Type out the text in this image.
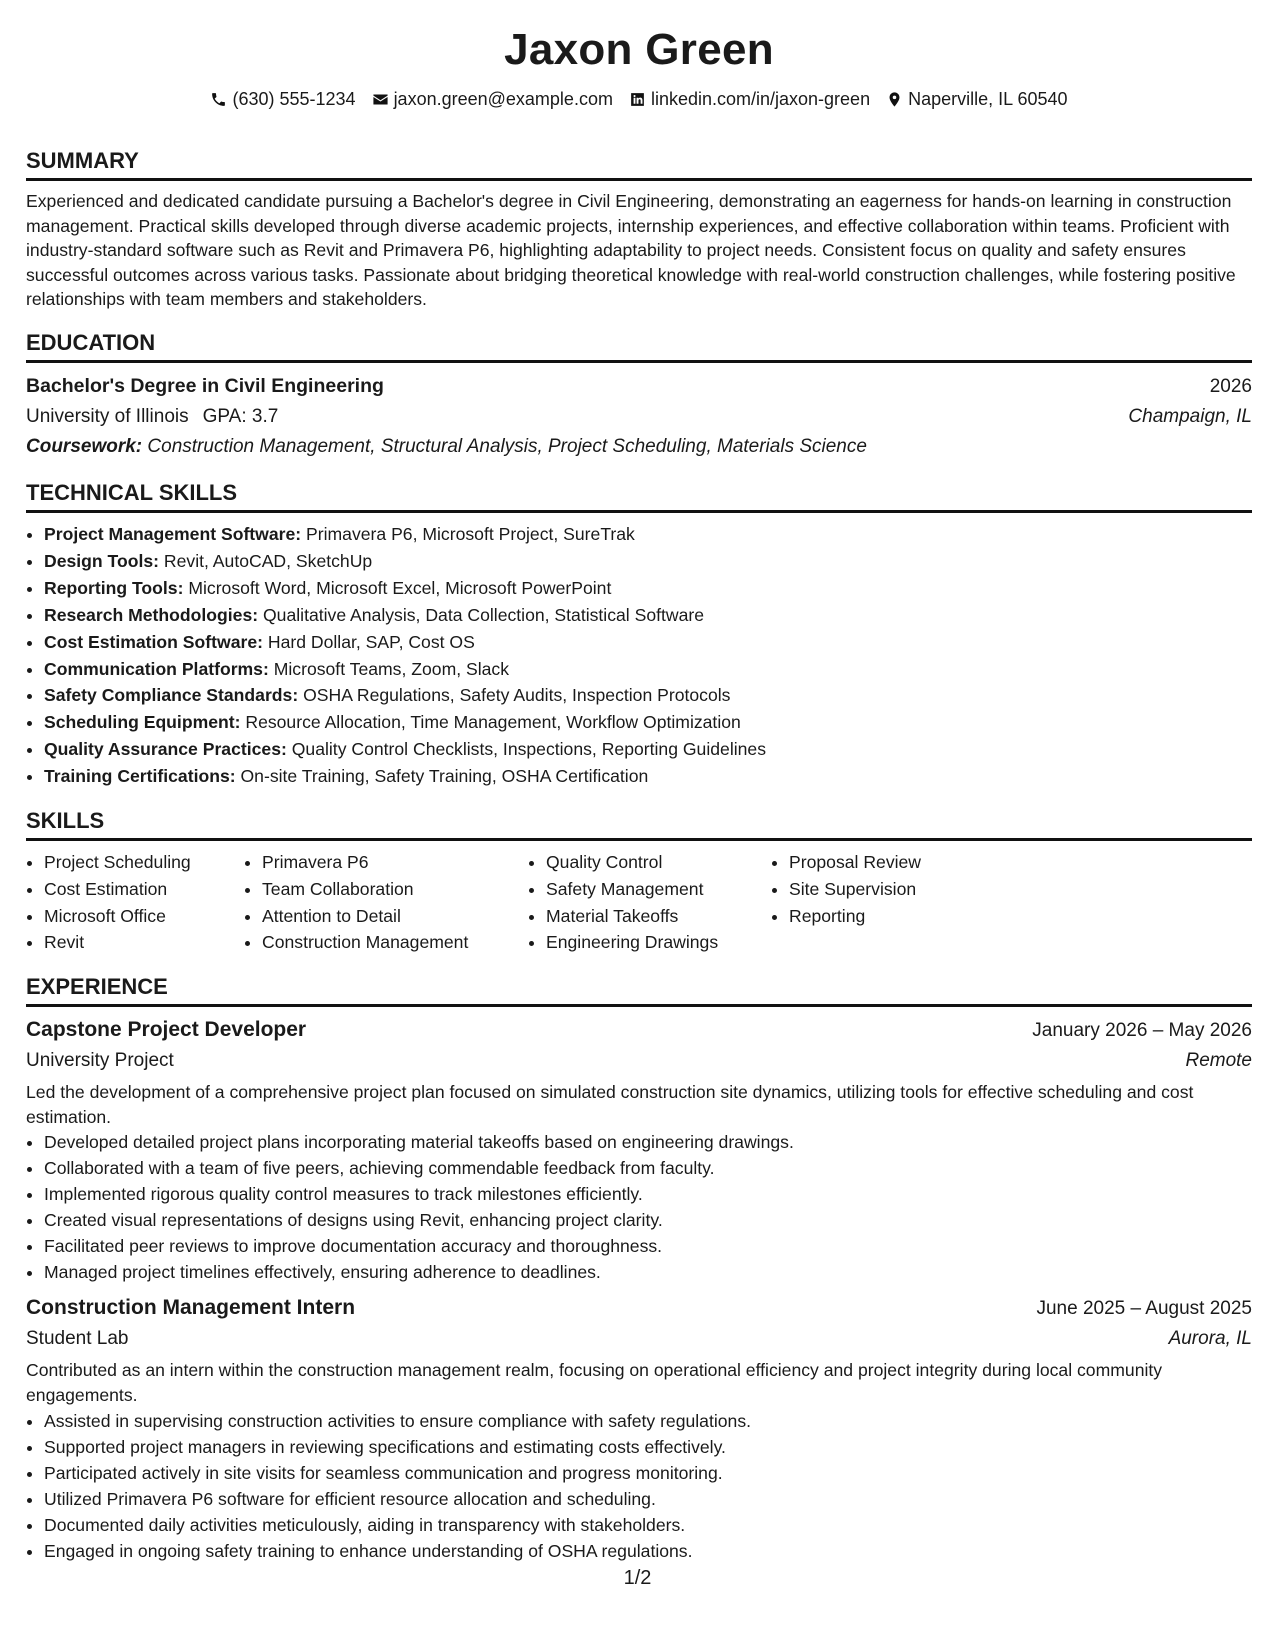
Jaxon Green
(630) 555-1234 jaxon.green@example.com linkedin.com/in/jaxon-green Naperville, IL 60540
SUMMARY

Experienced and dedicated candidate pursuing a Bachelor's degree in Civil Engineering, demonstrating an eagerness for hands-on learning in construction management. Practical skills developed through diverse academic projects, internship experiences, and effective collaboration within teams. Proficient with industry-standard software such as Revit and Primavera P6, highlighting adaptability to project needs. Consistent focus on quality and safety ensures successful outcomes across various tasks. Passionate about bridging theoretical knowledge with real-world construction challenges, while fostering positive relationships with team members and stakeholders.

EDUCATION
Bachelor's Degree in Civil Engineering	2026
University of Illinois GPA: 3.7	Champaign, IL
Coursework: Construction Management, Structural Analysis, Project Scheduling, Materials Science
TECHNICAL SKILLS
• Project Management Software: Primavera P6, Microsoft Project, SureTrak
• Design Tools: Revit, AutoCAD, SketchUp
• Reporting Tools: Microsoft Word, Microsoft Excel, Microsoft PowerPoint
• Research Methodologies: Qualitative Analysis, Data Collection, Statistical Software
• Cost Estimation Software: Hard Dollar, SAP, Cost OS
• Communication Platforms: Microsoft Teams, Zoom, Slack
• Safety Compliance Standards: OSHA Regulations, Safety Audits, Inspection Protocols
• Scheduling Equipment: Resource Allocation, Time Management, Workflow Optimization
• Quality Assurance Practices: Quality Control Checklists, Inspections, Reporting Guidelines
• Training Certifications: On-site Training, Safety Training, OSHA Certification
SKILLS
• Project Scheduling
• Cost Estimation
• Microsoft Office
• Revit
• Primavera P6
• Team Collaboration
• Attention to Detail
• Construction Management
• Quality Control
• Safety Management
• Material Takeoffs
• Engineering Drawings
• Proposal Review
• Site Supervision
• Reporting
EXPERIENCE
Capstone Project Developer	January 2026 – May 2026
University Project	Remote

Led the development of a comprehensive project plan focused on simulated construction site dynamics, utilizing tools for effective scheduling and cost estimation.

• Developed detailed project plans incorporating material takeoffs based on engineering drawings.
• Collaborated with a team of five peers, achieving commendable feedback from faculty.
• Implemented rigorous quality control measures to track milestones efficiently.
• Created visual representations of designs using Revit, enhancing project clarity.
• Facilitated peer reviews to improve documentation accuracy and thoroughness.
• Managed project timelines effectively, ensuring adherence to deadlines.
Construction Management Intern	June 2025 – August 2025
Student Lab	Aurora, IL

Contributed as an intern within the construction management realm, focusing on operational efficiency and project integrity during local community engagements.

• Assisted in supervising construction activities to ensure compliance with safety regulations.
• Supported project managers in reviewing specifications and estimating costs effectively.
• Participated actively in site visits for seamless communication and progress monitoring.
• Utilized Primavera P6 software for efficient resource allocation and scheduling.
• Documented daily activities meticulously, aiding in transparency with stakeholders.
• Engaged in ongoing safety training to enhance understanding of OSHA regulations.
1/2
